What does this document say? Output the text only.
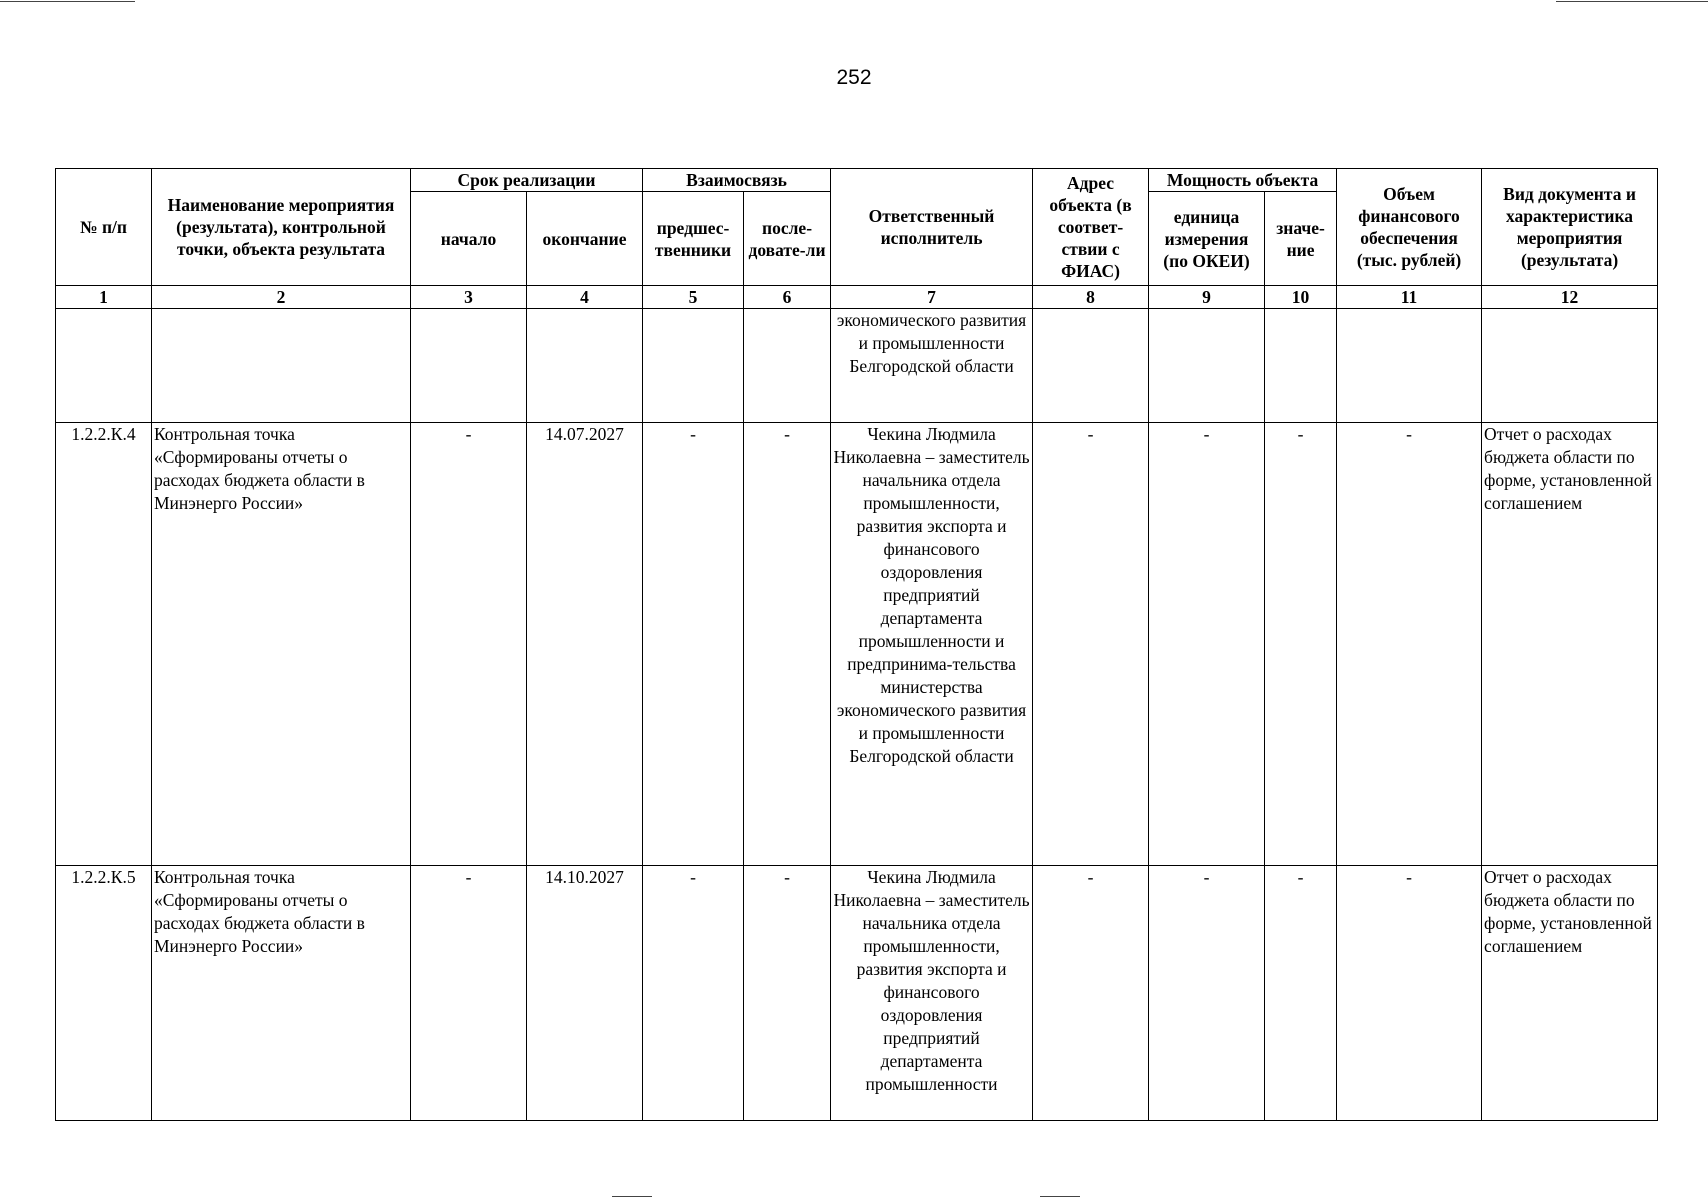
252
№ п/п	Наименование мероприятия (результата), контрольной точки, объекта результата	Срок реализации		Взаимосвязь		Ответственный исполнитель	Адрес объекта (в соответ-ствии с ФИАС)	Мощность объекта		Объем финансового обеспечения (тыс. рублей)	Вид документа и характеристика мероприятия (результата)
		начало	окончание	предшес-твенники	после-довате-ли			единица измерения (по ОКЕИ)	значе-ние		
1	2	3	4	5	6	7	8	9	10	11	12
						экономического развития и промышленности Белгородской области					
1.2.2.К.4	Контрольная точка «Сформированы отчеты о расходах бюджета области в Минэнерго России»	-	14.07.2027	-	-	Чекина Людмила Николаевна – заместитель начальника отдела промышленности, развития экспорта и финансового оздоровления предприятий департамента промышленности и предпринима-тельства министерства экономического развития и промышленности Белгородской области	-	-	-	-	Отчет о расходах бюджета области по форме, установленной соглашением
1.2.2.К.5	Контрольная точка «Сформированы отчеты о расходах бюджета области в Минэнерго России»	-	14.10.2027	-	-	Чекина Людмила Николаевна – заместитель начальника отдела промышленности, развития экспорта и финансового оздоровления предприятий департамента промышленности	-	-	-	-	Отчет о расходах бюджета области по форме, установленной соглашением
